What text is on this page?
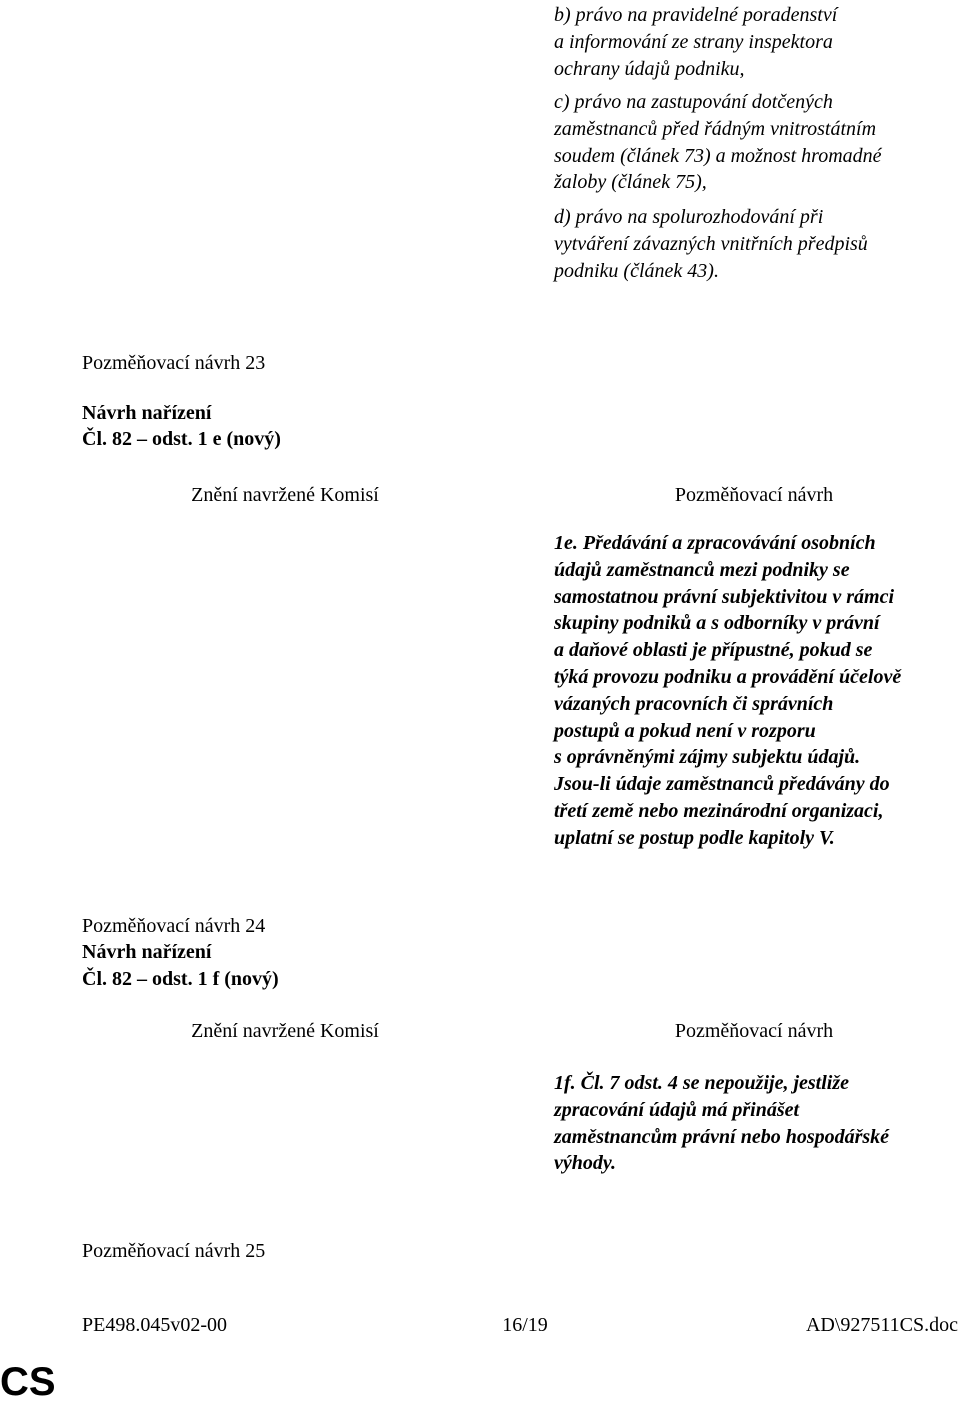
b) právo na pravidelné poradenství
a informování ze strany inspektora
ochrany údajů podniku,
c) právo na zastupování dotčených
zaměstnanců před řádným vnitrostátním
soudem (článek 73) a možnost hromadné
žaloby (článek 75),
d) právo na spolurozhodování při
vytváření závazných vnitřních předpisů
podniku (článek 43).
Pozměňovací návrh 23
Návrh nařízení
Čl. 82 – odst. 1 e (nový)
Znění navržené Komisí	Pozměňovací návrh
1e. Předávání a zpracovávání osobních
údajů zaměstnanců mezi podniky se
samostatnou právní subjektivitou v rámci
skupiny podniků a s odborníky v právní
a daňové oblasti je přípustné, pokud se
týká provozu podniku a provádění účelově
vázaných pracovních či správních
postupů a pokud není v rozporu
s oprávněnými zájmy subjektu údajů.
Jsou-li údaje zaměstnanců předávány do
třetí země nebo mezinárodní organizaci,
uplatní se postup podle kapitoly V.
Pozměňovací návrh 24
Návrh nařízení
Čl. 82 – odst. 1 f (nový)
Znění navržené Komisí	Pozměňovací návrh
1f. Čl. 7 odst. 4 se nepoužije, jestliže
zpracování údajů má přinášet
zaměstnancům právní nebo hospodářské
výhody.
Pozměňovací návrh 25
PE498.045v02-00	16/19	AD\927511CS.doc
CS
